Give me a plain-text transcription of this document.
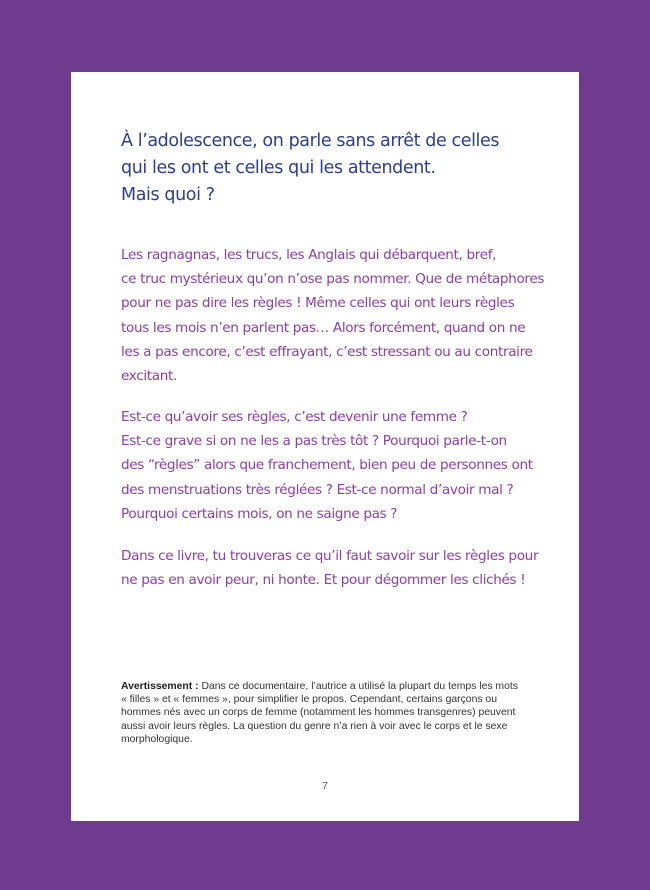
À l’adolescence, on parle sans arrêt de celles
qui les ont et celles qui les attendent.
Mais quoi ?

Les ragnagnas, les trucs, les Anglais qui débarquent, bref,
ce truc mystérieux qu’on n’ose pas nommer. Que de métaphores
pour ne pas dire les règles ! Même celles qui ont leurs règles
tous les mois n’en parlent pas… Alors forcément, quand on ne
les a pas encore, c’est effrayant, c’est stressant ou au contraire
excitant.

Est-ce qu’avoir ses règles, c’est devenir une femme ?
Est-ce grave si on ne les a pas très tôt ? Pourquoi parle-t-on
des “règles” alors que franchement, bien peu de personnes ont
des menstruations très réglées ? Est-ce normal d’avoir mal ?
Pourquoi certains mois, on ne saigne pas ?

Dans ce livre, tu trouveras ce qu’il faut savoir sur les règles pour
ne pas en avoir peur, ni honte. Et pour dégommer les clichés !

Avertissement : Dans ce documentaire, l’autrice a utilisé la plupart du temps les mots
« filles » et « femmes », pour simplifier le propos. Cependant, certains garçons ou
hommes nés avec un corps de femme (notamment les hommes transgenres) peuvent
aussi avoir leurs règles. La question du genre n’a rien à voir avec le corps et le sexe
morphologique.

7
